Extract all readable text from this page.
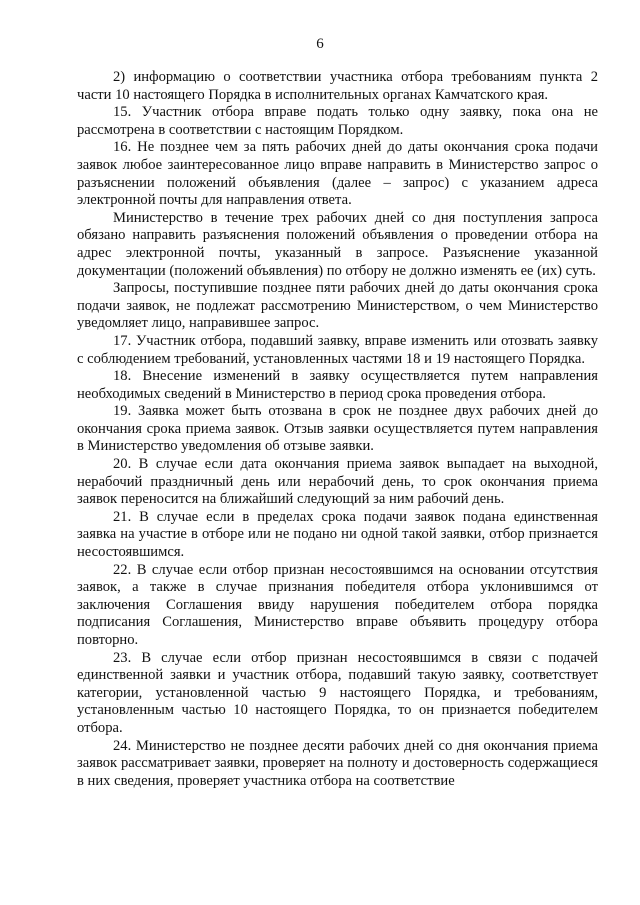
6

2) информацию о соответствии участника отбора требованиям пункта 2 части 10 настоящего Порядка в исполнительных органах Камчатского края.

15. Участник отбора вправе подать только одну заявку, пока она не рассмотрена в соответствии с настоящим Порядком.

16. Не позднее чем за пять рабочих дней до даты окончания срока подачи заявок любое заинтересованное лицо вправе направить в Министерство запрос о разъяснении положений объявления (далее – запрос) с указанием адреса электронной почты для направления ответа.

Министерство в течение трех рабочих дней со дня поступления запроса обязано направить разъяснения положений объявления о проведении отбора на адрес электронной почты, указанный в запросе. Разъяснение указанной документации (положений объявления) по отбору не должно изменять ее (их) суть.

Запросы, поступившие позднее пяти рабочих дней до даты окончания срока подачи заявок, не подлежат рассмотрению Министерством, о чем Министерство уведомляет лицо, направившее запрос.

17. Участник отбора, подавший заявку, вправе изменить или отозвать заявку с соблюдением требований, установленных частями 18 и 19 настоящего Порядка.

18. Внесение изменений в заявку осуществляется путем направления необходимых сведений в Министерство в период срока проведения отбора.

19. Заявка может быть отозвана в срок не позднее двух рабочих дней до окончания срока приема заявок. Отзыв заявки осуществляется путем направления в Министерство уведомления об отзыве заявки.

20. В случае если дата окончания приема заявок выпадает на выходной, нерабочий праздничный день или нерабочий день, то срок окончания приема заявок переносится на ближайший следующий за ним рабочий день.

21. В случае если в пределах срока подачи заявок подана единственная заявка на участие в отборе или не подано ни одной такой заявки, отбор признается несостоявшимся.

22. В случае если отбор признан несостоявшимся на основании отсутствия заявок, а также в случае признания победителя отбора уклонившимся от заключения Соглашения ввиду нарушения победителем отбора порядка подписания Соглашения, Министерство вправе объявить процедуру отбора повторно.

23. В случае если отбор признан несостоявшимся в связи с подачей единственной заявки и участник отбора, подавший такую заявку, соответствует категории, установленной частью 9 настоящего Порядка, и требованиям, установленным частью 10 настоящего Порядка, то он признается победителем отбора.

24. Министерство не позднее десяти рабочих дней со дня окончания приема заявок рассматривает заявки, проверяет на полноту и достоверность содержащиеся в них сведения, проверяет участника отбора на соответствие
